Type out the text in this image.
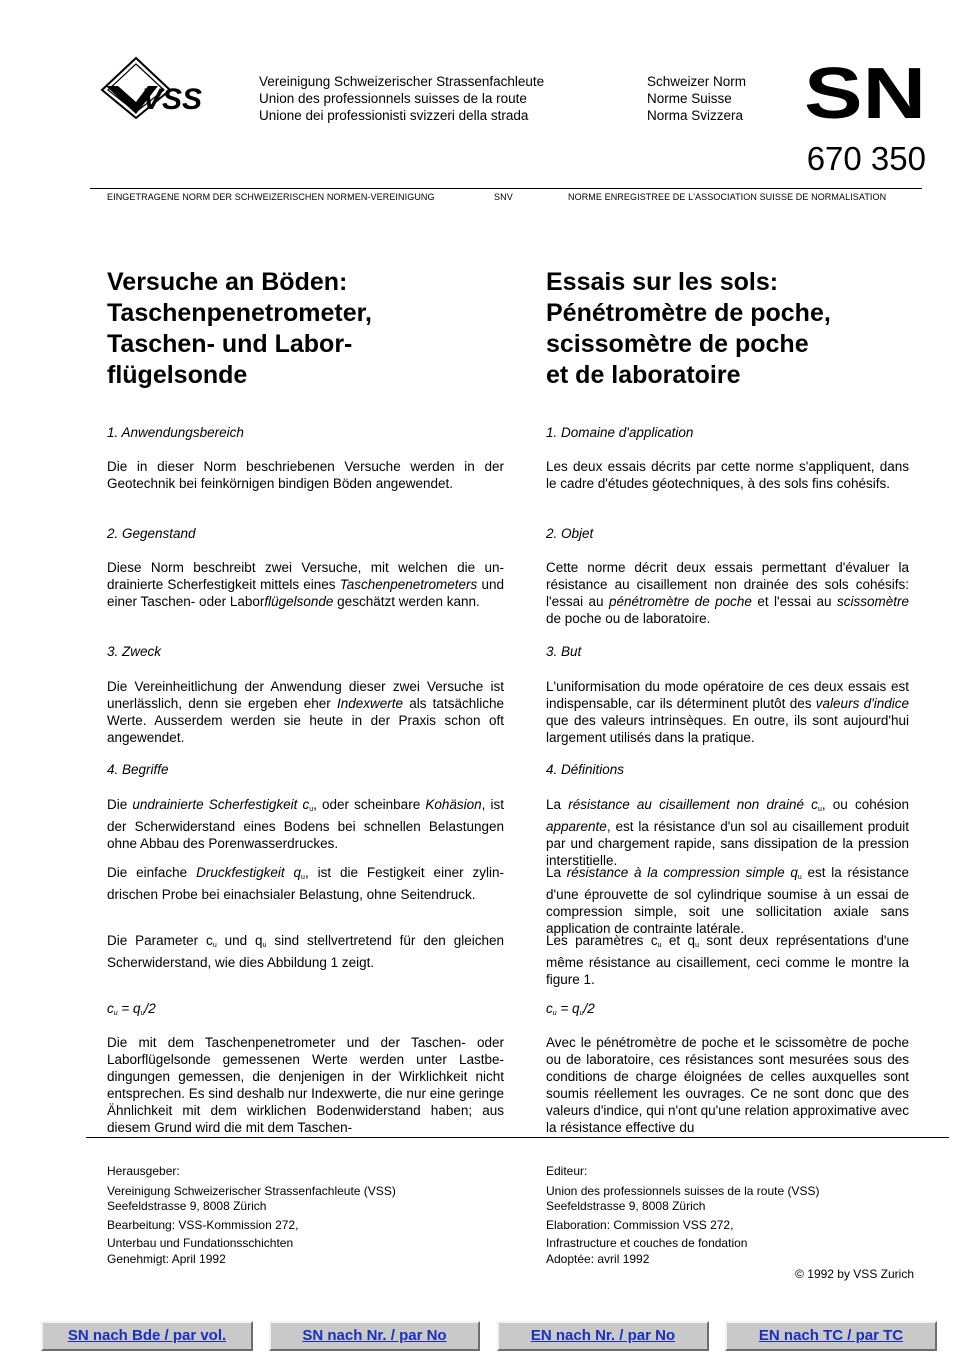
VSS
Vereinigung Schweizerischer Strassenfachleute
Union des professionnels suisses de la route
Unione dei professionisti svizzeri della strada
Schweizer Norm
Norme Suisse
Norma Svizzera SN
670 350
EINGETRAGENE NORM DER SCHWEIZERISCHEN NORMEN-VEREINIGUNG	SNV	NORME ENREGISTREE DE L'ASSOCIATION SUISSE DE NORMALISATION
Versuche an Böden:
Taschenpenetrometer,
Taschen- und Labor-
flügelsonde
Essais sur les sols:
Pénétromètre de poche,
scissomètre de poche
et de laboratoire
1. Anwendungsbereich
Die in dieser Norm beschriebenen Versuche werden in der Geotechnik bei feinkörnigen bindigen Böden angewendet.
2. Gegenstand
Diese Norm beschreibt zwei Versuche, mit welchen die undrainierte Scherfestigkeit mittels eines Taschenpenetrometers und einer Taschen- oder Laborflügelsonde geschätzt werden kann.
3. Zweck
Die Vereinheitlichung der Anwendung dieser zwei Versuche ist unerlässlich, denn sie ergeben eher Indexwerte als tatsächliche Werte. Ausserdem werden sie heute in der Praxis schon oft angewendet.
4. Begriffe
Die undrainierte Scherfestigkeit $c_u$, oder scheinbare Kohäsion, ist der Scherwiderstand eines Bodens bei schnellen Belastungen ohne Abbau des Porenwasserdruckes.
Die einfache Druckfestigkeit $q_u$, ist die Festigkeit einer zylindrischen Probe bei einachsialer Belastung, ohne Seitendruck.
Die Parameter $c_u$ und $q_u$ sind stellvertretend für den gleichen Scherwiderstand, wie dies Abbildung 1 zeigt.
$c_u = q_u/2$
Die mit dem Taschenpenetrometer und der Taschen- oder Laborflügelsonde gemessenen Werte werden unter Lastbedingungen gemessen, die denjenigen in der Wirklichkeit nicht entsprechen. Es sind deshalb nur Indexwerte, die nur eine geringe Ähnlichkeit mit dem wirklichen Bodenwiderstand haben; aus diesem Grund wird die mit dem Taschen-
1. Domaine d'application
Les deux essais décrits par cette norme s'appliquent, dans le cadre d'études géotechniques, à des sols fins cohésifs.
2. Objet
Cette norme décrit deux essais permettant d'évaluer la résistance au cisaillement non drainée des sols cohésifs: l'essai au pénétromètre de poche et l'essai au scissomètre de poche ou de laboratoire.
3. But
L'uniformisation du mode opératoire de ces deux essais est indispensable, car ils déterminent plutôt des valeurs d'indice que des valeurs intrinsèques. En outre, ils sont aujourd'hui largement utilisés dans la pratique.
4. Définitions
La résistance au cisaillement non drainé $c_u$, ou cohésion apparente, est la résistance d'un sol au cisaillement produit par und chargement rapide, sans dissipation de la pression interstitielle.
La résistance à la compression simple $q_u$ est la résistance d'une éprouvette de sol cylindrique soumise à un essai de compression simple, soit une sollicitation axiale sans application de contrainte latérale.
Les paramètres $c_u$ et $q_u$ sont deux représentations d'une même résistance au cisaillement, ceci comme le montre la figure 1.
$c_u = q_u/2$
Avec le pénétromètre de poche et le scissomètre de poche ou de laboratoire, ces résistances sont mesurées sous des conditions de charge éloignées de celles auxquelles sont soumis réellement les ouvrages. Ce ne sont donc que des valeurs d'indice, qui n'ont qu'une relation approximative avec la résistance effective du
Herausgeber:
Vereinigung Schweizerischer Strassenfachleute (VSS)
Seefeldstrasse 9, 8008 Zürich
Bearbeitung: VSS-Kommission 272,
Unterbau und Fundationsschichten
Genehmigt: April 1992
Editeur:
Union des professionnels suisses de la route (VSS)
Seefeldstrasse 9, 8008 Zürich
Elaboration: Commission VSS 272,
Infrastructure et couches de fondation
Adoptée: avril 1992
© 1992 by VSS Zurich
SN nach Bde / par vol.	SN nach Nr. / par No	EN nach Nr. / par No	EN nach TC / par TC
